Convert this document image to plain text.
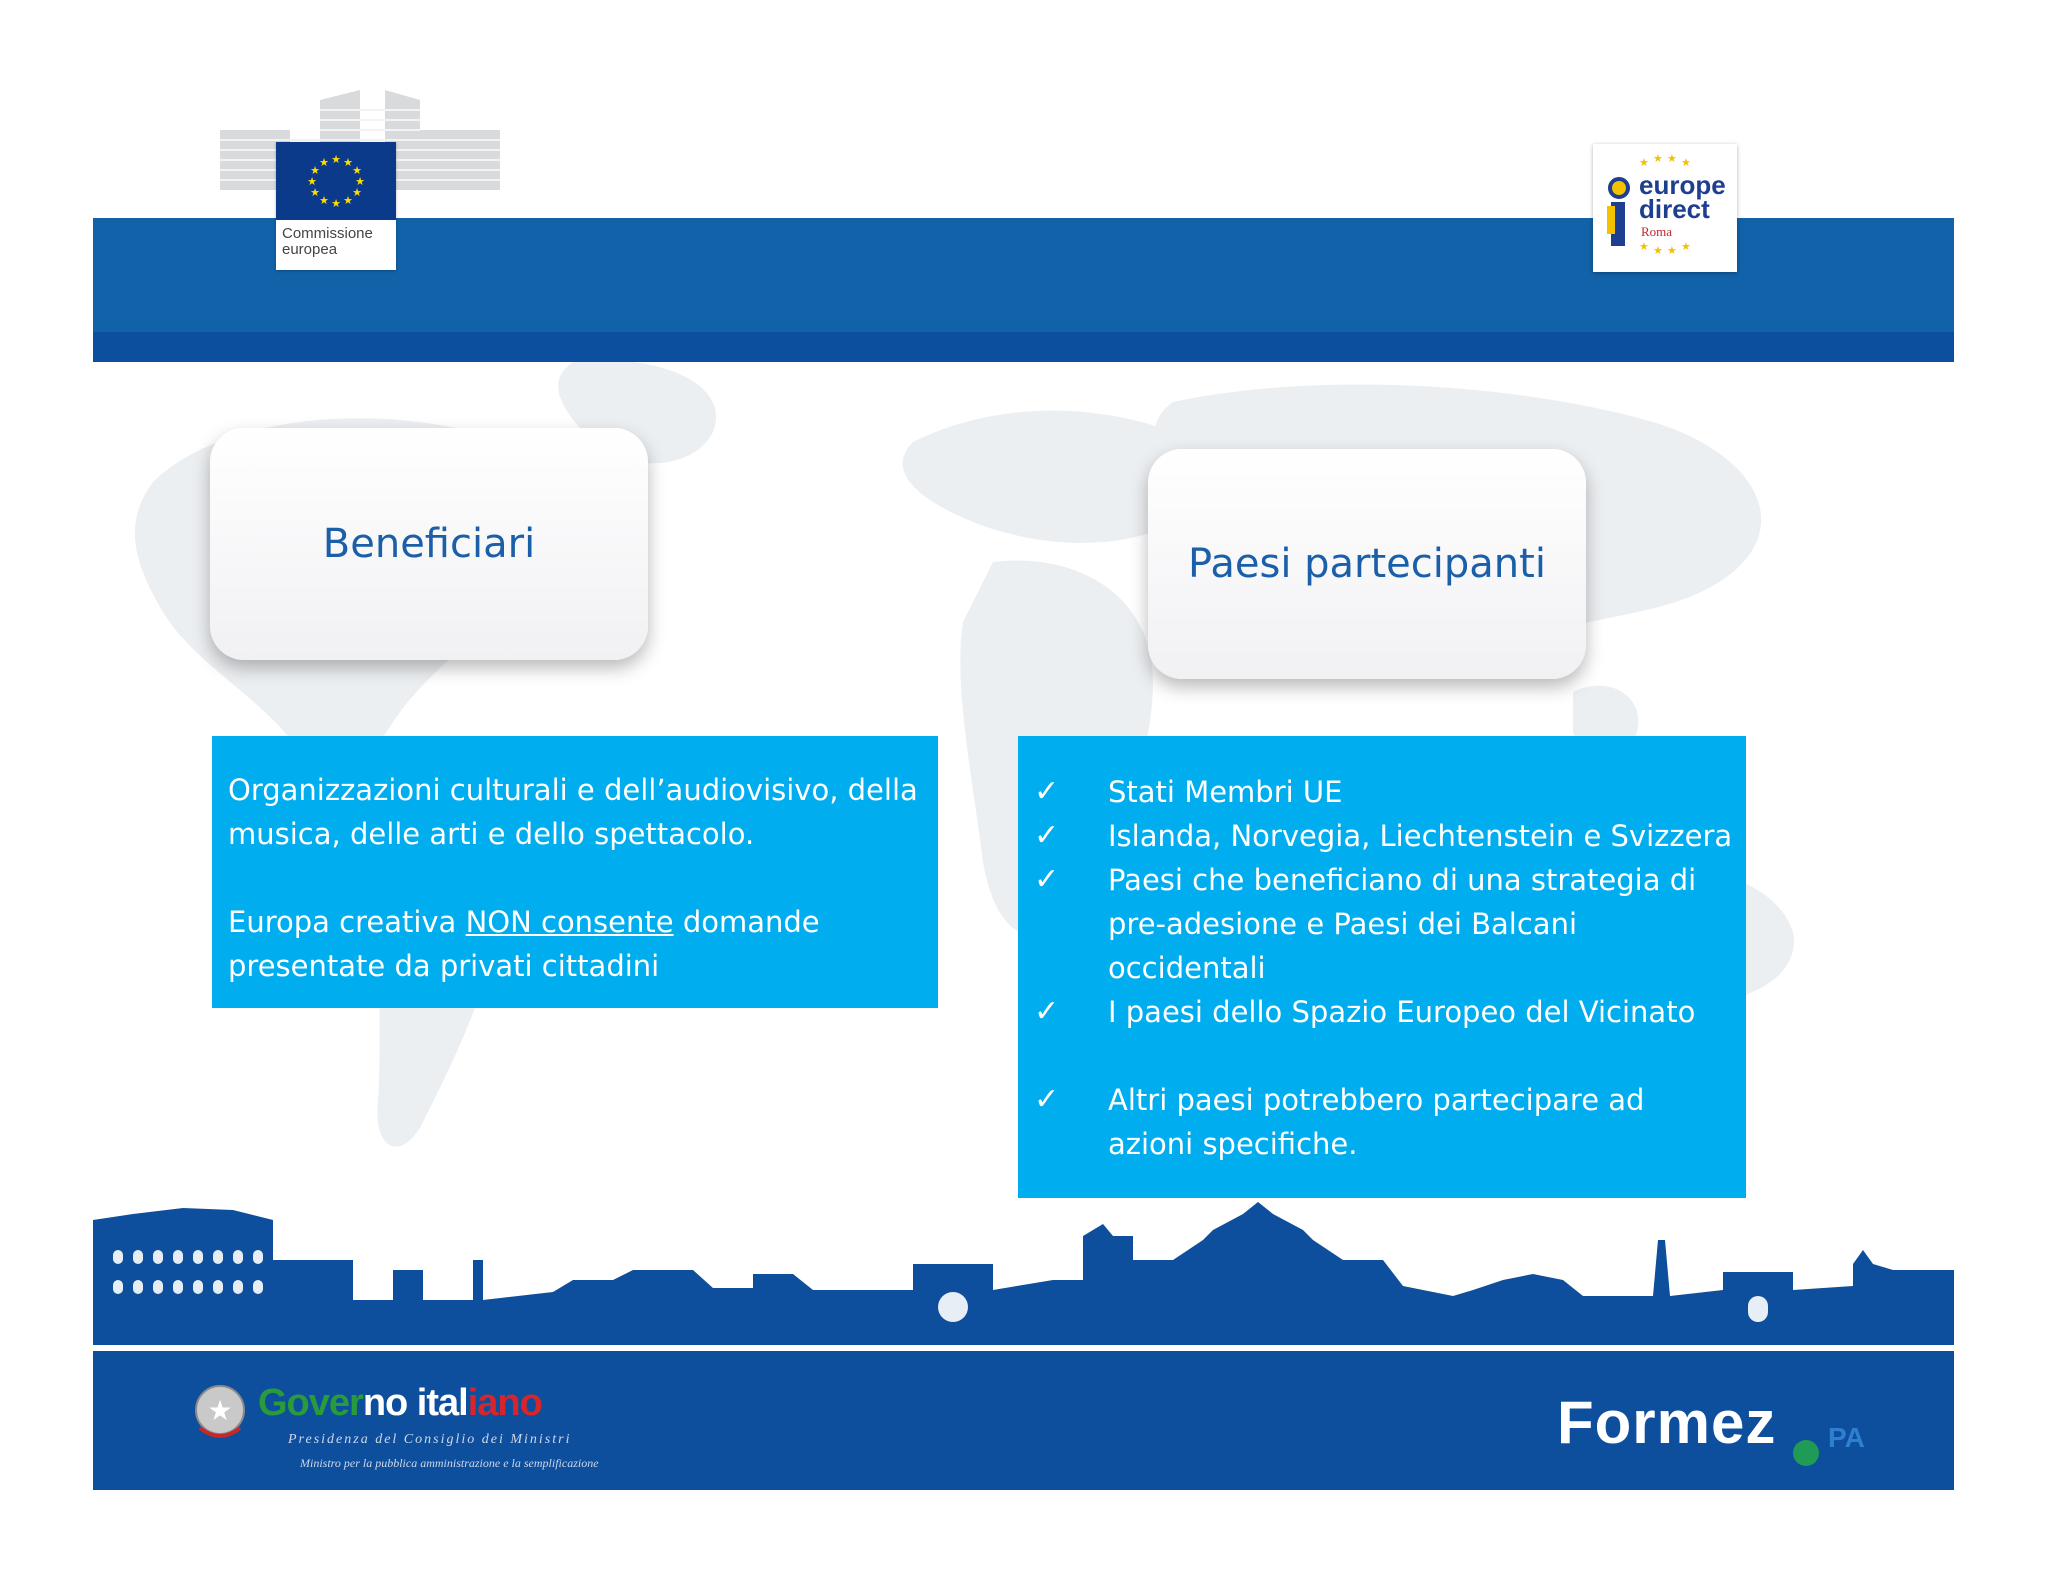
★ ★
★
★
★
★
★
★
★
★
★
★
Commissione
europea
★ ★ ★ ★
★ ★ ★ ★
europe
direct
Roma
Beneficiari	Paesi partecipanti

Organizzazioni culturali e dell’audiovisivo, della musica, delle arti e dello spettacolo.

Europa creativa NON consente domande presentate da privati cittadini

✓	Stati Membri UE
✓	Islanda, Norvegia, Liechtenstein e Svizzera
✓	Paesi che beneficiano di una strategia di pre-adesione e Paesi dei Balcani occidentali
✓	I paesi dello Spazio Europeo del Vicinato
✓	Altri paesi potrebbero partecipare ad azioni specifiche.
★ Governo italiano
Presidenza del Consiglio dei Ministri
Ministro per la pubblica amministrazione e la semplificazione
Formez PA
